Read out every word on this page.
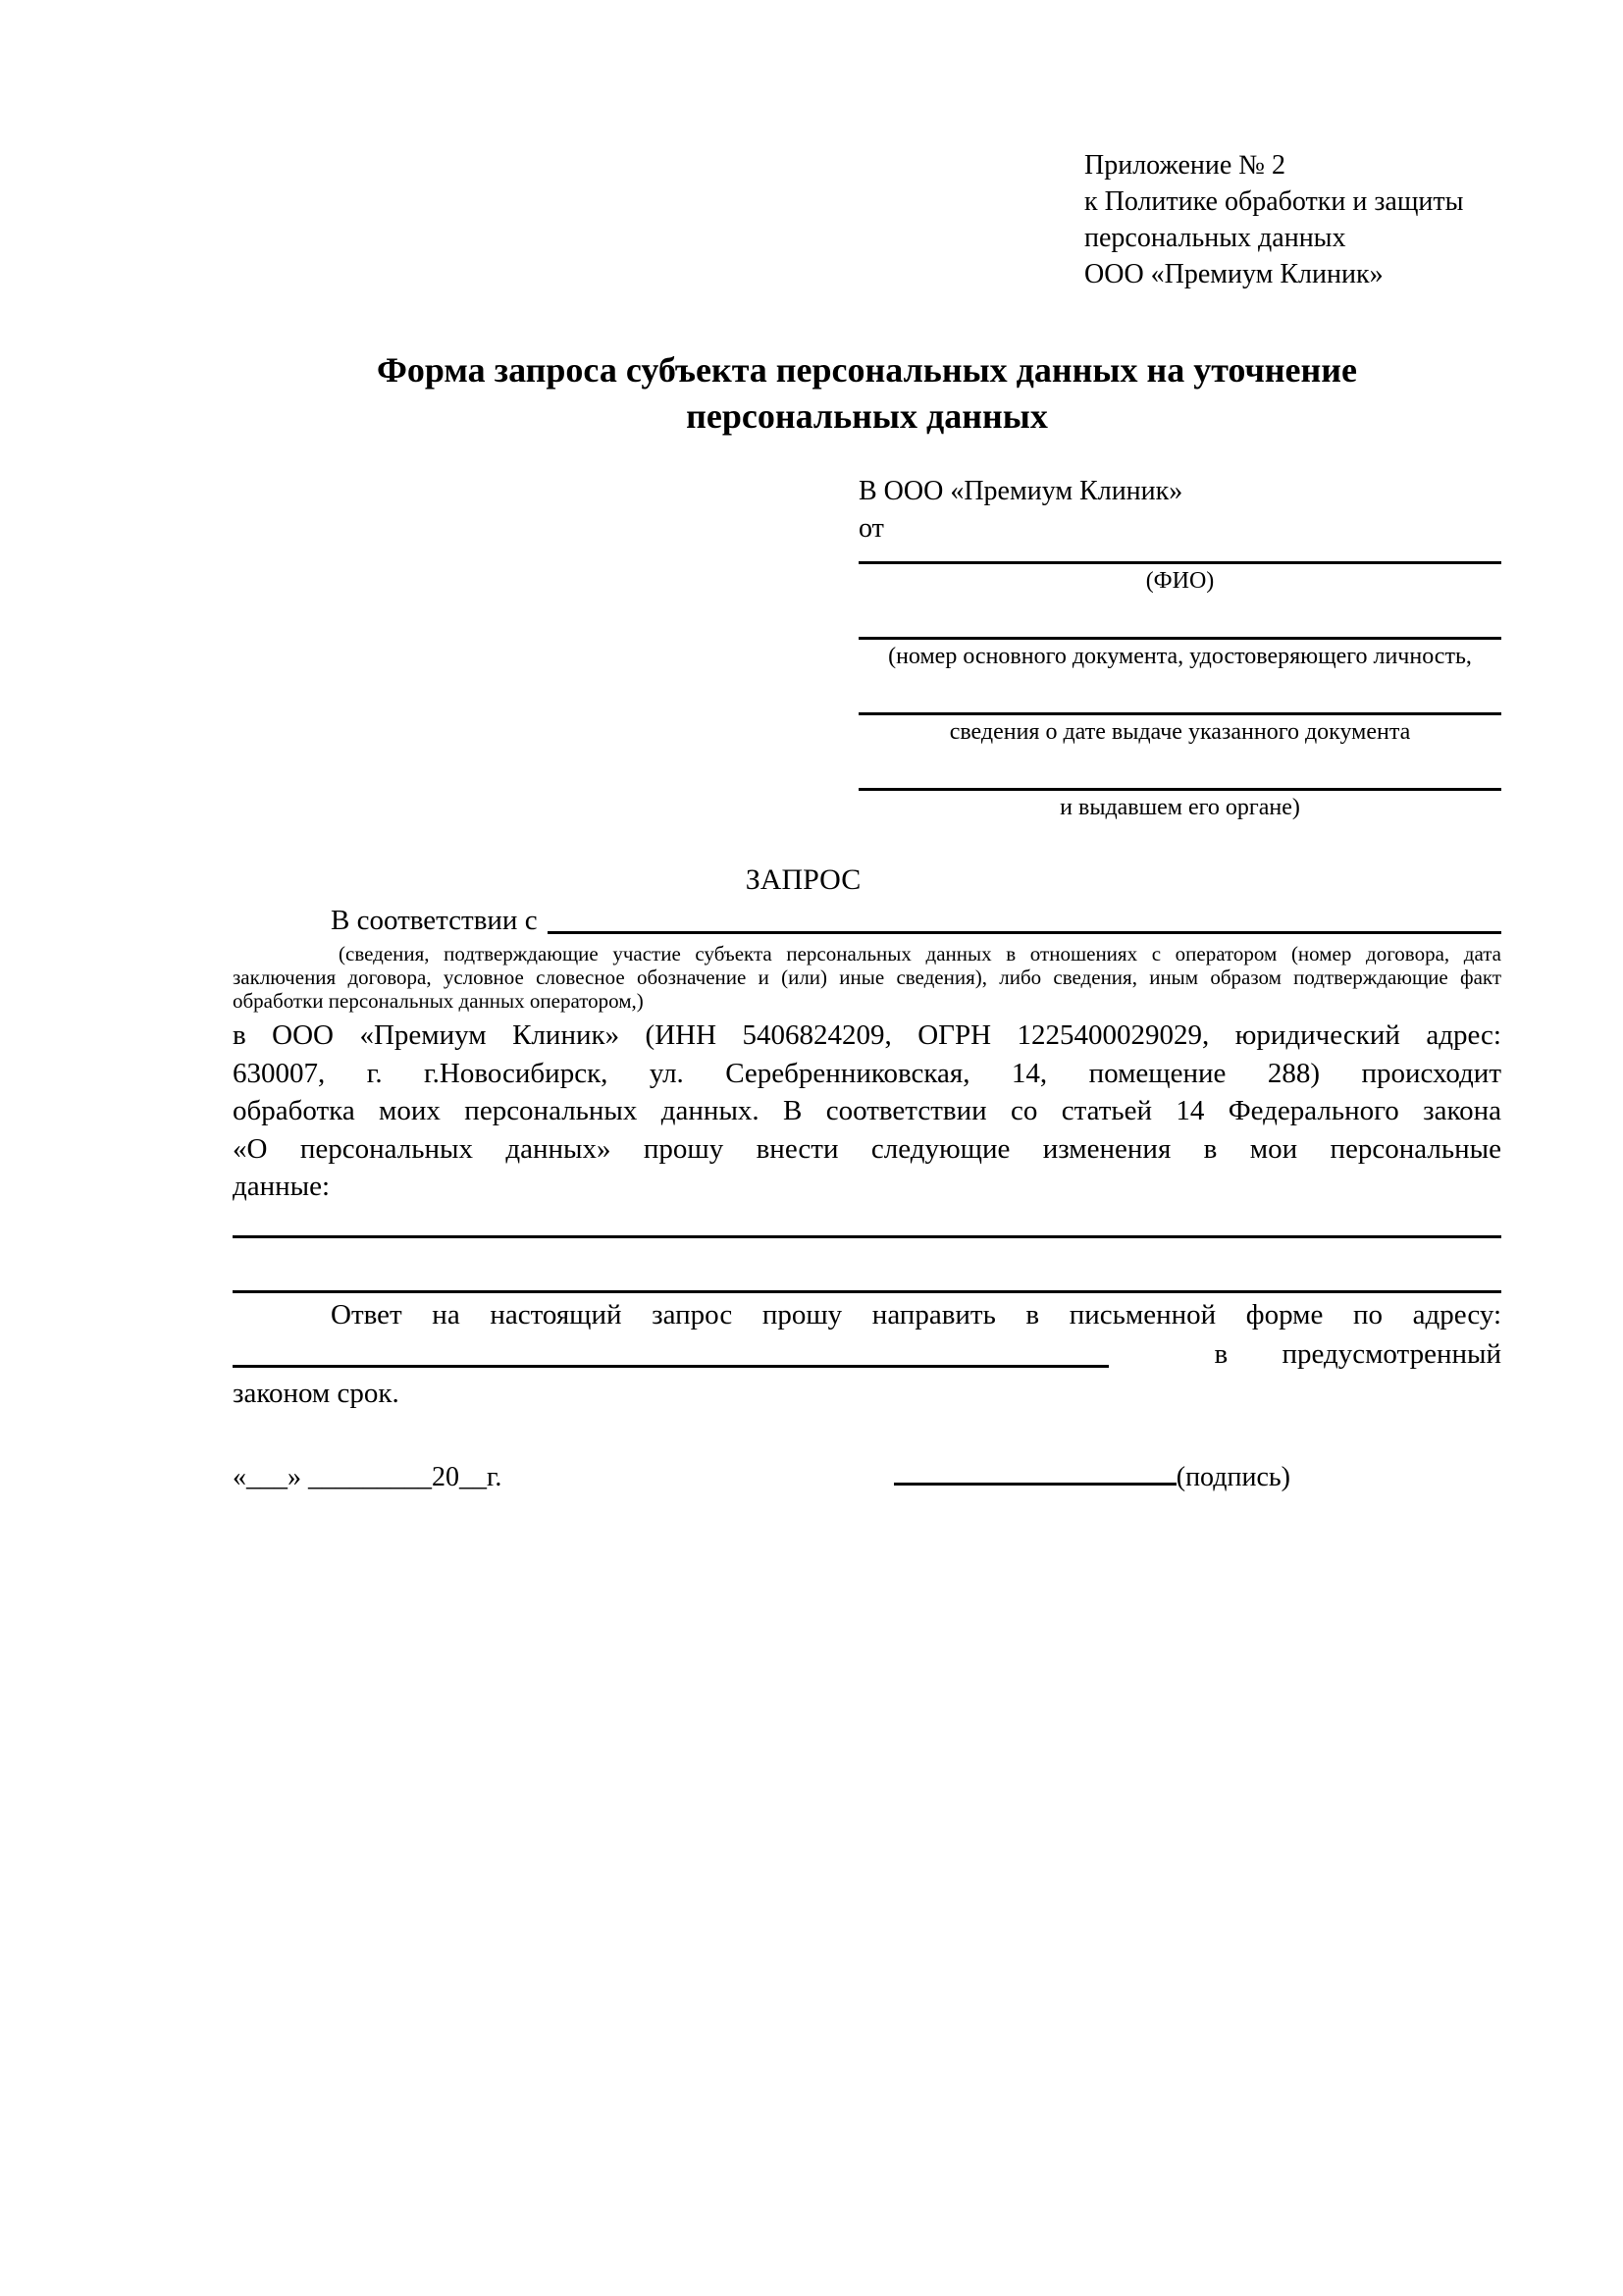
Приложение № 2
к Политике обработки и защиты
персональных данных
ООО «Премиум Клиник»
Форма запроса субъекта персональных данных на уточнение
персональных данных
В ООО «Премиум Клиник»
от
(ФИО)
(номер основного документа, удостоверяющего личность,
сведения о дате выдаче указанного документа
и выдавшем его органе)
ЗАПРОС
В соответствии с
(сведения, подтверждающие участие субъекта персональных данных в отношениях с оператором (номер договора, дата
заключения договора, условное словесное обозначение и (или) иные сведения), либо сведения, иным образом подтверждающие факт
обработки персональных данных оператором,)
в ООО «Премиум Клиник» (ИНН 5406824209, ОГРН 1225400029029, юридический адрес:
630007, г. г.Новосибирск, ул. Серебренниковская, 14, помещение 288) происходит
обработка моих персональных данных. В соответствии со статьей 14 Федерального закона
«О персональных данных» прошу внести следующие изменения в мои персональные
данные:
Ответ на настоящий запрос прошу направить в письменной форме по адресу:
в предусмотренный
законом срок.
«___» _________20__г.	(подпись)
